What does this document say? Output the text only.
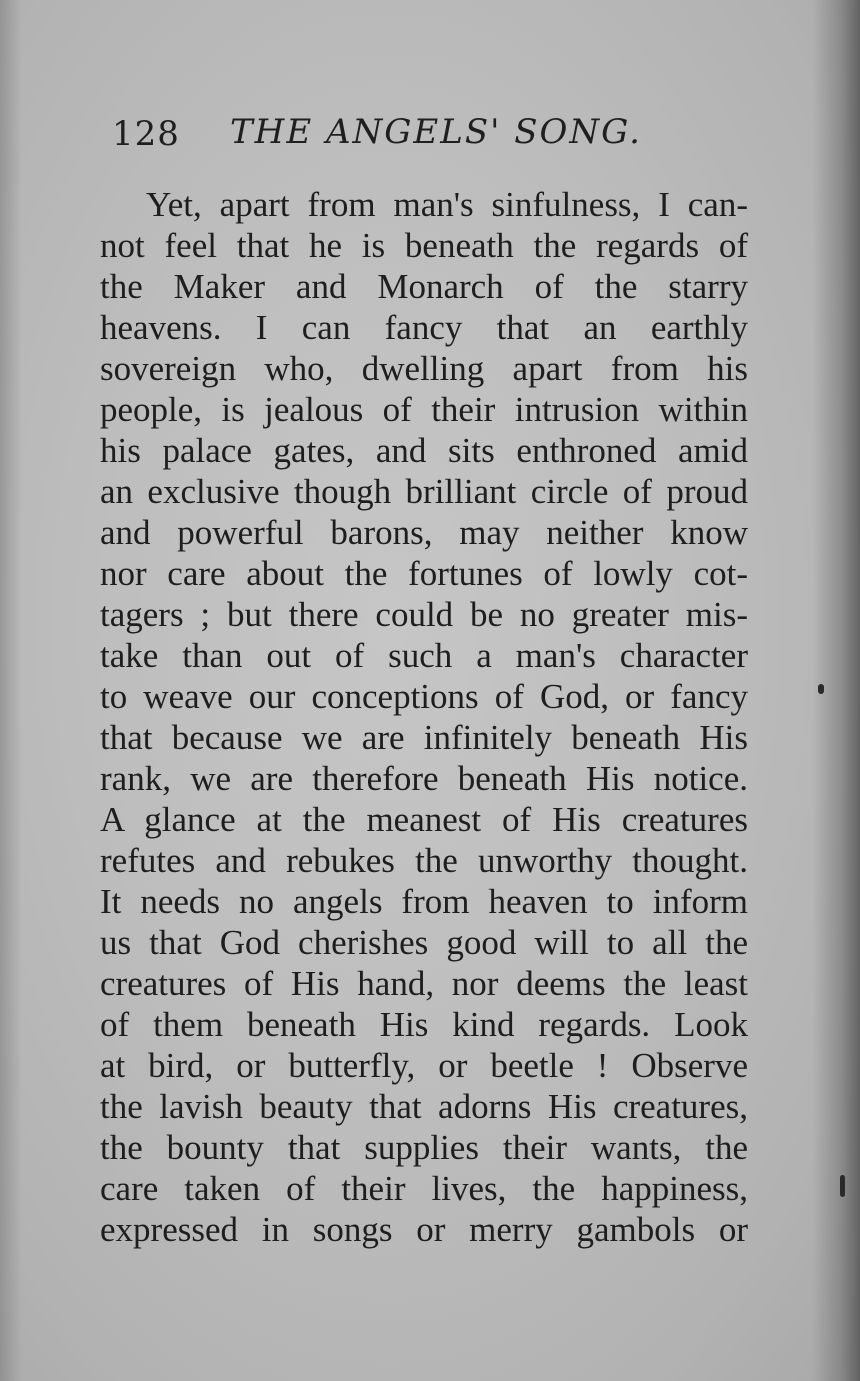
128 THE ANGELS' SONG.
Yet, apart from man's sinfulness, I can-
not feel that he is beneath the regards of
the Maker and Monarch of the starry
heavens. I can fancy that an earthly
sovereign who, dwelling apart from his
people, is jealous of their intrusion within
his palace gates, and sits enthroned amid
an exclusive though brilliant circle of proud
and powerful barons, may neither know
nor care about the fortunes of lowly cot-
tagers ; but there could be no greater mis-
take than out of such a man's character
to weave our conceptions of God, or fancy
that because we are infinitely beneath His
rank, we are therefore beneath His notice.
A glance at the meanest of His creatures
refutes and rebukes the unworthy thought.
It needs no angels from heaven to inform
us that God cherishes good will to all the
creatures of His hand, nor deems the least
of them beneath His kind regards. Look
at bird, or butterfly, or beetle ! Observe
the lavish beauty that adorns His creatures,
the bounty that supplies their wants, the
care taken of their lives, the happiness,
expressed in songs or merry gambols or
